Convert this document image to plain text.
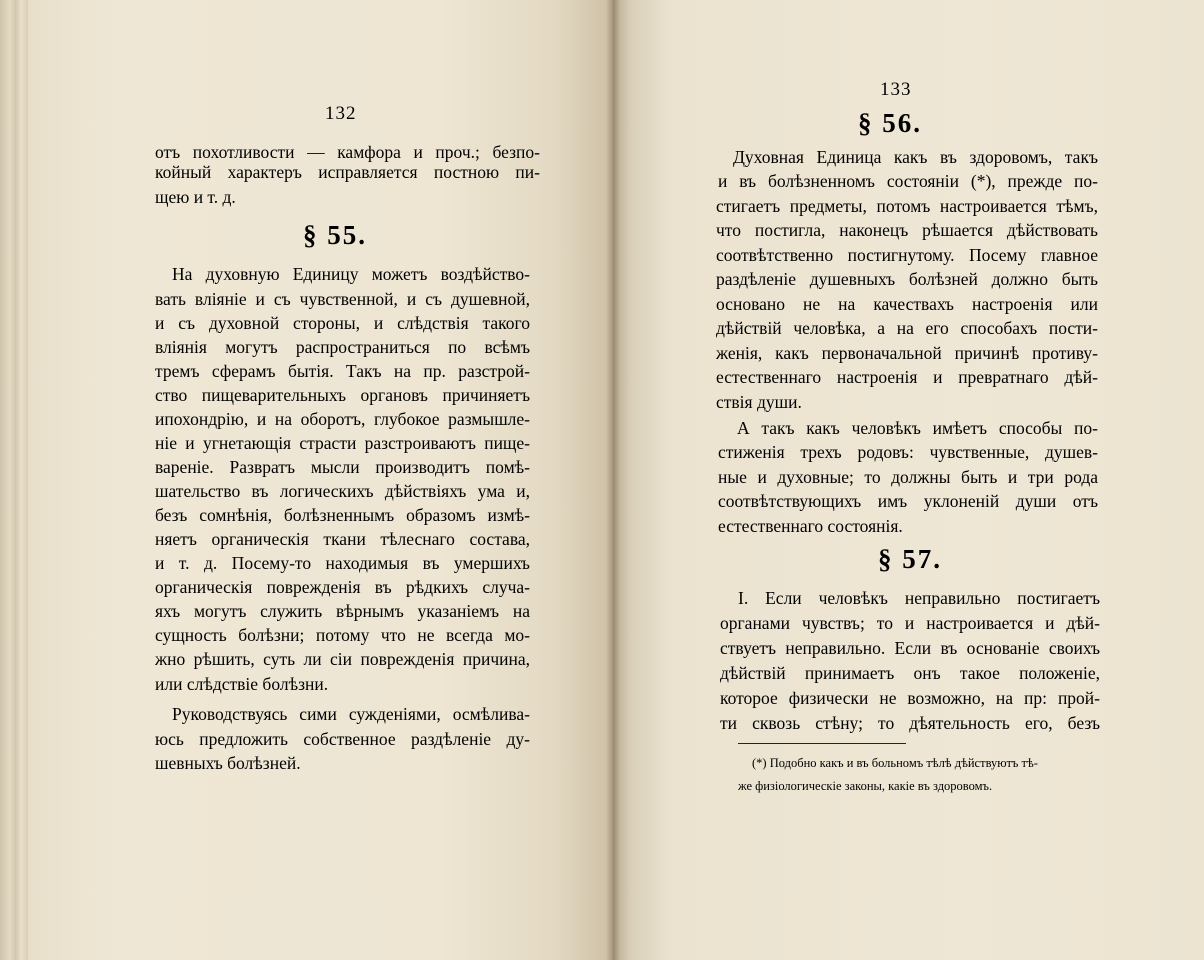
132
отъ похотливости — камфора и проч.; безпо-
койный характеръ исправляется постною пи-
щею и т. д.
§ 55.
На духовную Единицу можетъ воздѣйство-
вать вліяніе и съ чувственной, и съ душевной,
и съ духовной стороны, и слѣдствія такого
вліянія могутъ распространиться по всѣмъ
тремъ сферамъ бытія. Такъ на пр. разстрой-
ство пищеварительныхъ органовъ причиняетъ
ипохондрію, и на оборотъ, глубокое размышле-
ніе и угнетающія страсти разстроиваютъ пище-
вареніе. Развратъ мысли производитъ помѣ-
шательство въ логическихъ дѣйствіяхъ ума и,
безъ сомнѣнія, болѣзненнымъ образомъ измѣ-
няетъ органическія ткани тѣлеснаго состава,
и т. д. Посему-то находимыя въ умершихъ
органическія поврежденія въ рѣдкихъ случа-
яхъ могутъ служить вѣрнымъ указаніемъ на
сущность болѣзни; потому что не всегда мо-
жно рѣшить, суть ли сіи поврежденія причина,
или слѣдствіе болѣзни.
Руководствуясь сими сужденіями, осмѣлива-
юсь предложить собственное раздѣленіе ду-
шевныхъ болѣзней.
133
§ 56.
Духовная Единица какъ въ здоровомъ, такъ
и въ болѣзненномъ состояніи (*), прежде по-
стигаетъ предметы, потомъ настроивается тѣмъ,
что постигла, наконецъ рѣшается дѣйствовать
соотвѣтственно постигнутому. Посему главное
раздѣленіе душевныхъ болѣзней должно быть
основано не на качествахъ настроенія или
дѣйствій человѣка, а на его способахъ пости-
женія, какъ первоначальной причинѣ противу-
естественнаго настроенія и превратнаго дѣй-
ствія души.
А такъ какъ человѣкъ имѣетъ способы по-
стиженія трехъ родовъ: чувственные, душев-
ные и духовные; то должны быть и три рода
соотвѣтствующихъ имъ уклоненій души отъ
естественнаго состоянія.
§ 57.
I. Если человѣкъ неправильно постигаетъ
органами чувствъ; то и настроивается и дѣй-
ствуетъ неправильно. Если въ основаніе своихъ
дѣйствій принимаетъ онъ такое положеніе,
которое физически не возможно, на пр: прой-
ти сквозь стѣну; то дѣятельность его, безъ
(*) Подобно какъ и въ больномъ тѣлѣ дѣйствуютъ тѣ-
же физіологическіе законы, какіе въ здоровомъ.
